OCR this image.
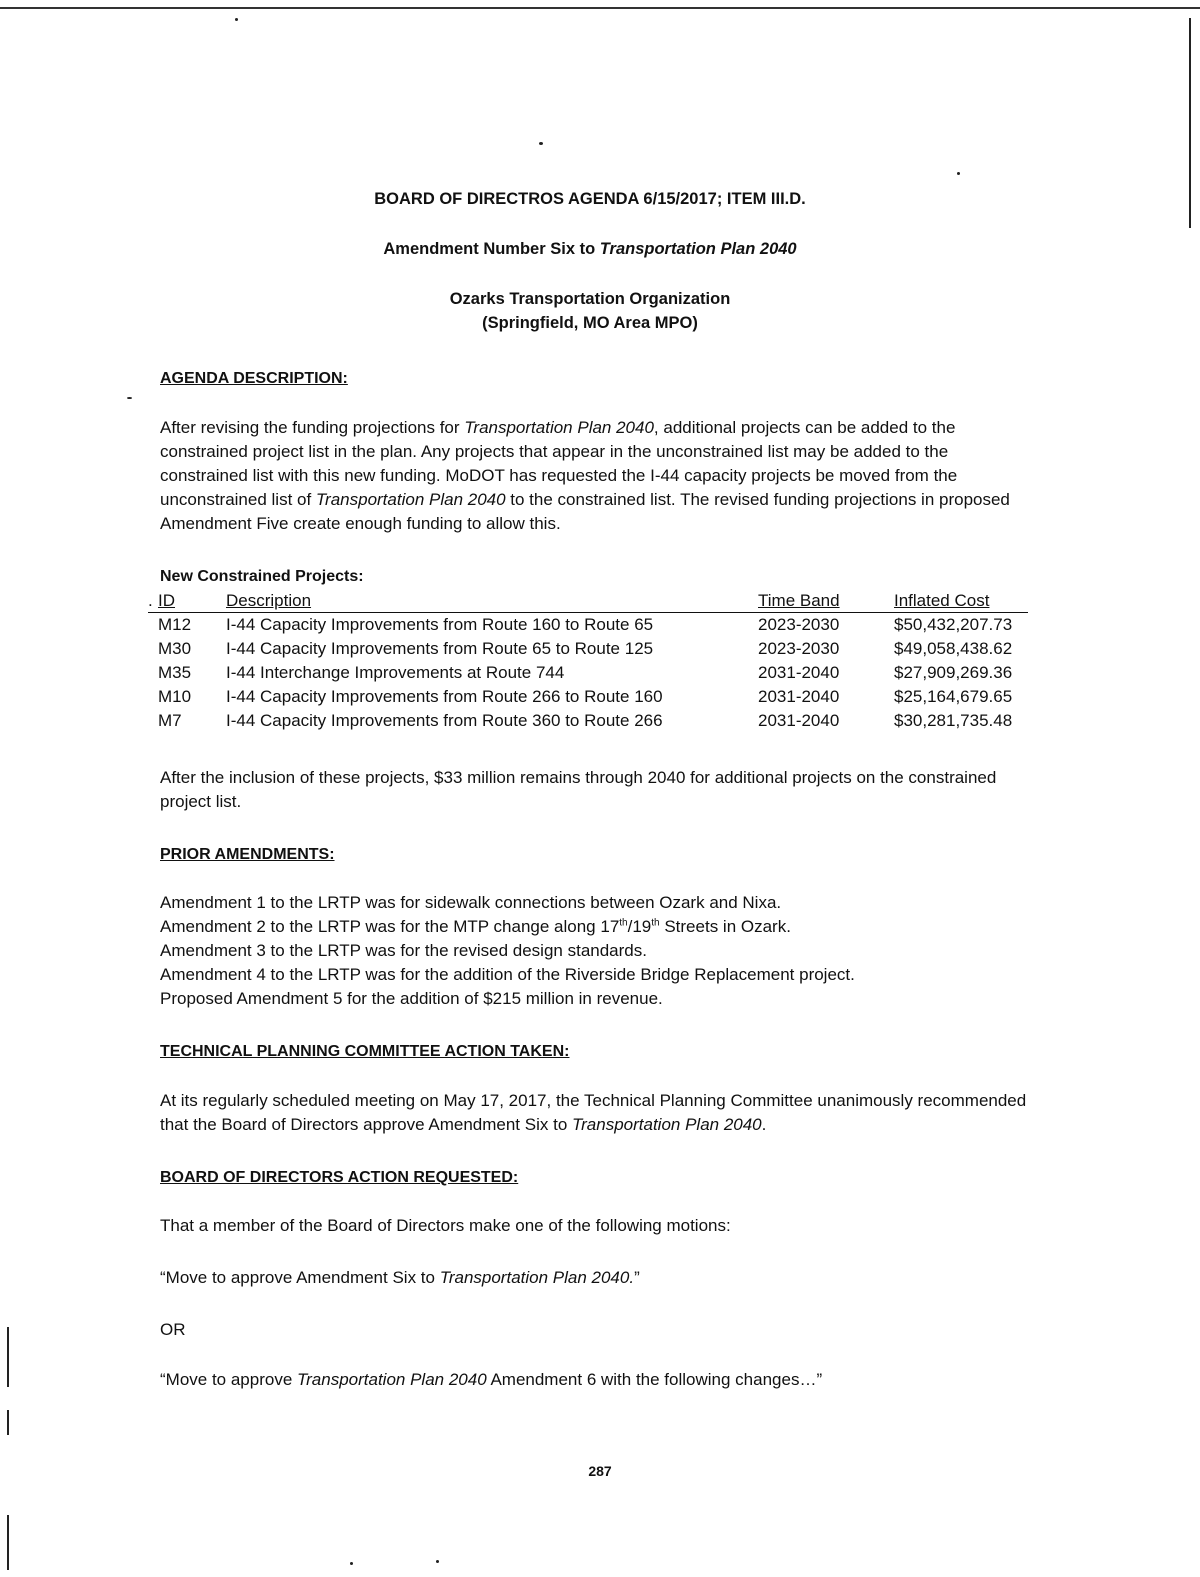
BOARD OF DIRECTROS AGENDA 6/15/2017; ITEM III.D.
Amendment Number Six to Transportation Plan 2040
Ozarks Transportation Organization
(Springfield, MO Area MPO)
AGENDA DESCRIPTION:
After revising the funding projections for Transportation Plan 2040, additional projects can be added to the constrained project list in the plan. Any projects that appear in the unconstrained list may be added to the constrained list with this new funding. MoDOT has requested the I-44 capacity projects be moved from the unconstrained list of Transportation Plan 2040 to the constrained list. The revised funding projections in proposed Amendment Five create enough funding to allow this.
New Constrained Projects:
. ID	Description	Time Band	Inflated Cost
M12 I-44 Capacity Improvements from Route 160 to Route 65	2023-2030	$50,432,207.73
M30 I-44 Capacity Improvements from Route 65 to Route 125	2023-2030	$49,058,438.62
M35 I-44 Interchange Improvements at Route 744	2031-2040	$27,909,269.36
M10 I-44 Capacity Improvements from Route 266 to Route 160	2031-2040	$25,164,679.65
M7	I-44 Capacity Improvements from Route 360 to Route 266	2031-2040	$30,281,735.48
After the inclusion of these projects, $33 million remains through 2040 for additional projects on the constrained project list.
PRIOR AMENDMENTS:
Amendment 1 to the LRTP was for sidewalk connections between Ozark and Nixa.
Amendment 2 to the LRTP was for the MTP change along 17th/19th Streets in Ozark.
Amendment 3 to the LRTP was for the revised design standards.
Amendment 4 to the LRTP was for the addition of the Riverside Bridge Replacement project.
Proposed Amendment 5 for the addition of $215 million in revenue.
TECHNICAL PLANNING COMMITTEE ACTION TAKEN:
At its regularly scheduled meeting on May 17, 2017, the Technical Planning Committee unanimously recommended that the Board of Directors approve Amendment Six to Transportation Plan 2040.
BOARD OF DIRECTORS ACTION REQUESTED:
That a member of the Board of Directors make one of the following motions:
“Move to approve Amendment Six to Transportation Plan 2040.”
OR
“Move to approve Transportation Plan 2040 Amendment 6 with the following changes…”
287
